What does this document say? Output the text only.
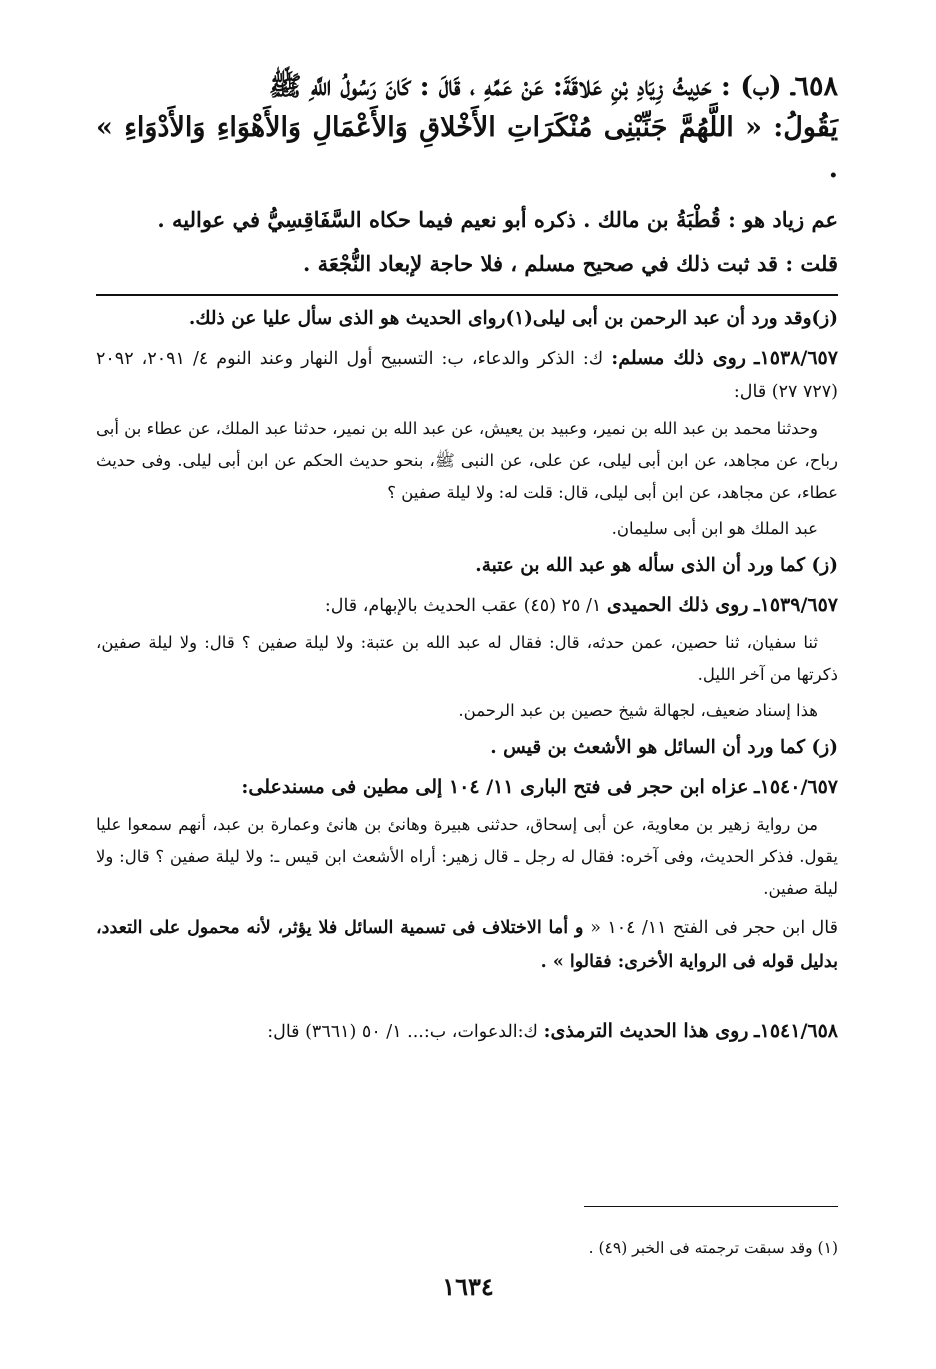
٦٥٨ـ (ب) : حَدِيثُ زِيَادِ بْنِ عَلاقَةَ: عَنْ عَمِّهِ ، قَالَ : كَانَ رَسُولُ اللَّهِ ﷺ
يَقُولُ: « اللَّهُمَّ جَنِّبْنِى مُنْكَرَاتِ الأَخْلاقِ وَالأَعْمَالِ وَالأَهْوَاءِ وَالأَدْوَاءِ » .

عم زياد هو : قُطْبَةُ بن مالك . ذكره أبو نعيم فيما حكاه السَّفَاقِسِيُّ في عواليه .

قلت : قد ثبت ذلك في صحيح مسلم ، فلا حاجة لإبعاد النُّجْعَة .

(ز)وقد ورد أن عبد الرحمن بن أبى ليلى(١)رواى الحديث هو الذى سأل عليا عن ذلك.

١٥٣٨/٦٥٧ـ روى ذلك مسلم: ك: الذكر والدعاء، ب: التسبيح أول النهار وعند النوم ٤/ ٢٠٩١، ٢٠٩٢ (٧٢٧ ٢٧) قال:

وحدثنا محمد بن عبد الله بن نمير، وعبيد بن يعيش، عن عبد الله بن نمير، حدثنا عبد الملك، عن عطاء بن أبى رباح، عن مجاهد، عن ابن أبى ليلى، عن على، عن النبى ﷺ، بنحو حديث الحكم عن ابن أبى ليلى. وفى حديث عطاء، عن مجاهد، عن ابن أبى ليلى، قال: قلت له: ولا ليلة صفين ؟

عبد الملك هو ابن أبى سليمان.

(ز) كما ورد أن الذى سأله هو عبد الله بن عتبة.

١٥٣٩/٦٥٧ـ روى ذلك الحميدى ١/ ٢٥ (٤٥) عقب الحديث بالإبهام، قال:

ثنا سفيان، ثنا حصين، عمن حدثه، قال: فقال له عبد الله بن عتبة: ولا ليلة صفين ؟ قال: ولا ليلة صفين، ذكرتها من آخر الليل.

هذا إسناد ضعيف، لجهالة شيخ حصين بن عبد الرحمن.

(ز) كما ورد أن السائل هو الأشعث بن قيس .

١٥٤٠/٦٥٧ـ عزاه ابن حجر فى فتح البارى ١١/ ١٠٤ إلى مطين فى مسندعلى:

من رواية زهير بن معاوية، عن أبى إسحاق، حدثنى هبيرة وهانئ بن هانئ وعمارة بن عبد، أنهم سمعوا عليا يقول. فذكر الحديث، وفى آخره: فقال له رجل ـ قال زهير: أراه الأشعث ابن قيس ـ: ولا ليلة صفين ؟ قال: ولا ليلة صفين.

قال ابن حجر فى الفتح ١١/ ١٠٤ « و أما الاختلاف فى تسمية السائل فلا يؤثر، لأنه محمول على التعدد، بدليل قوله فى الرواية الأخرى: فقالوا » .

١٥٤١/٦٥٨ـ روى هذا الحديث الترمذى: ك:الدعوات، ب:... ١/ ٥٠ (٣٦٦١) قال:

(١) وقد سبقت ترجمته فى الخبر (٤٩) .

١٦٣٤
